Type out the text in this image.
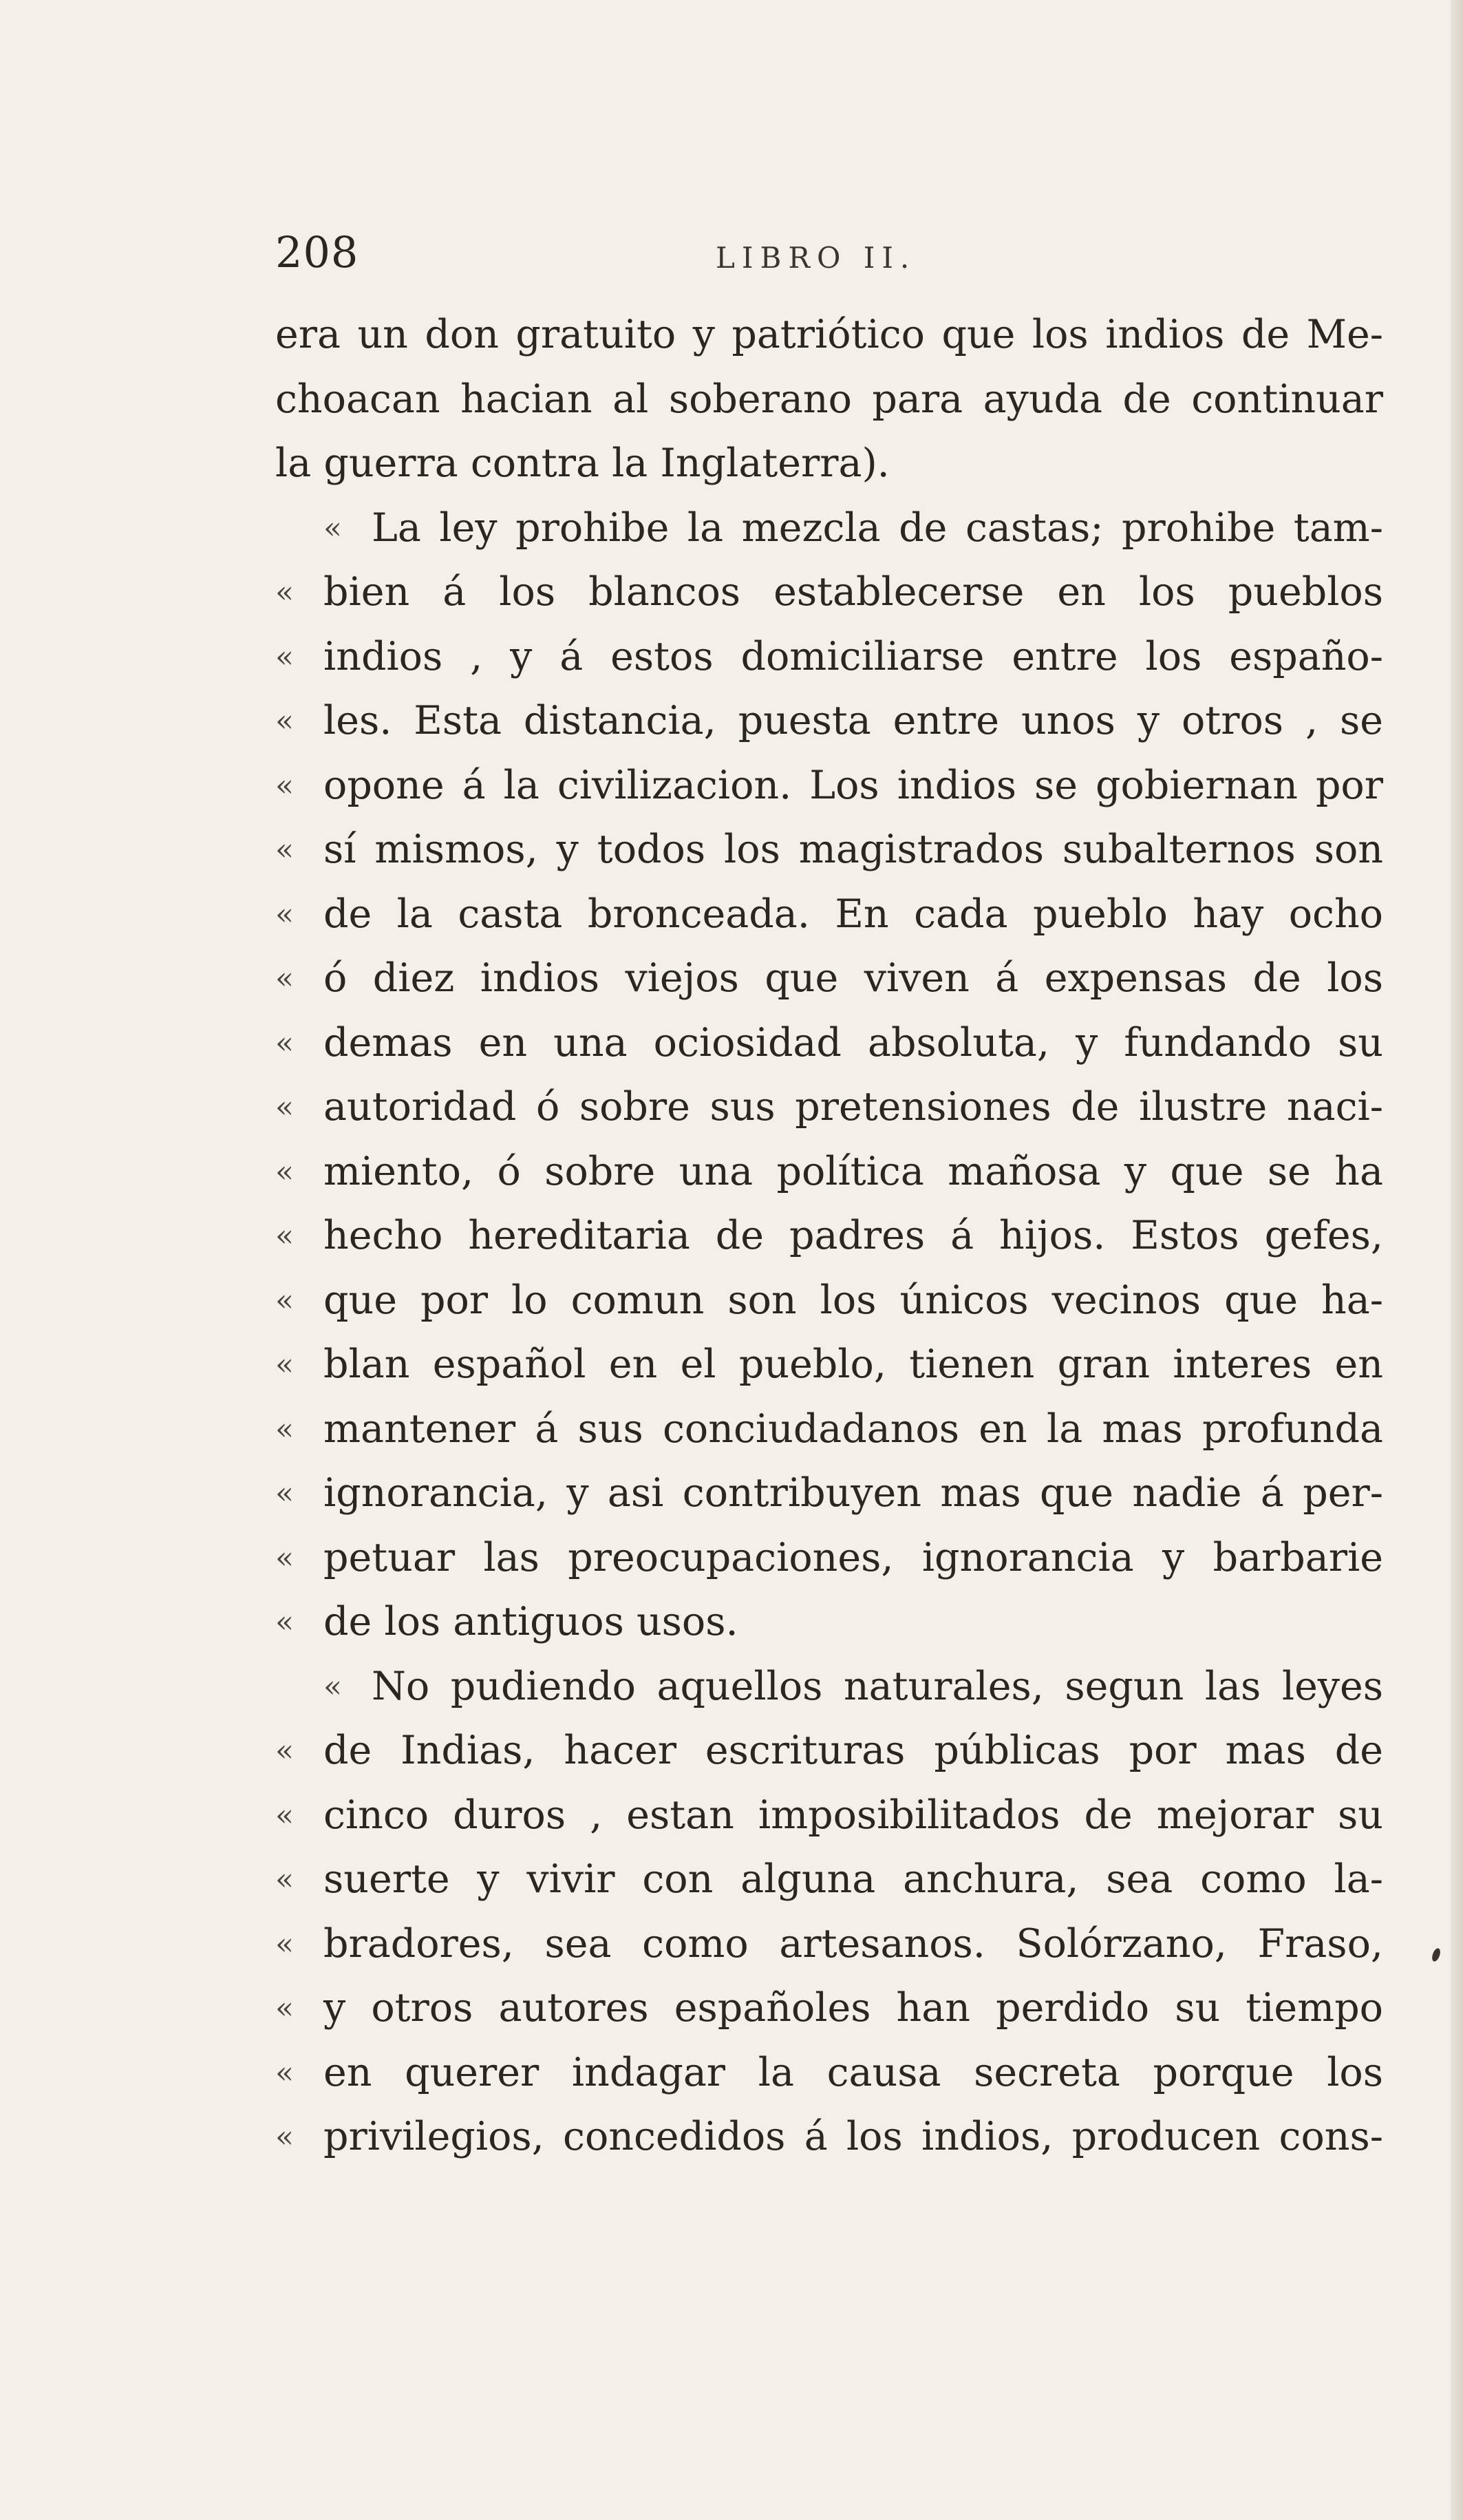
208	LIBRO II.
era un don gratuito y patriótico que los indios de Me-
choacan hacian al soberano para ayuda de continuar
la guerra contra la Inglaterra).
« La ley prohibe la mezcla de castas; prohibe tam-
« bien á los blancos establecerse en los pueblos
« indios , y á estos domiciliarse entre los españo-
« les. Esta distancia, puesta entre unos y otros , se
« opone á la civilizacion. Los indios se gobiernan por
« sí mismos, y todos los magistrados subalternos son
« de la casta bronceada. En cada pueblo hay ocho
« ó diez indios viejos que viven á expensas de los
« demas en una ociosidad absoluta, y fundando su
« autoridad ó sobre sus pretensiones de ilustre naci-
« miento, ó sobre una política mañosa y que se ha
« hecho hereditaria de padres á hijos. Estos gefes,
« que por lo comun son los únicos vecinos que ha-
« blan español en el pueblo, tienen gran interes en
« mantener á sus conciudadanos en la mas profunda
« ignorancia, y asi contribuyen mas que nadie á per-
« petuar las preocupaciones, ignorancia y barbarie
« de los antiguos usos.
« No pudiendo aquellos naturales, segun las leyes
« de Indias, hacer escrituras públicas por mas de
« cinco duros , estan imposibilitados de mejorar su
« suerte y vivir con alguna anchura, sea como la-
« bradores, sea como artesanos. Solórzano, Fraso,
« y otros autores españoles han perdido su tiempo
« en querer indagar la causa secreta porque los
« privilegios, concedidos á los indios, producen cons-
